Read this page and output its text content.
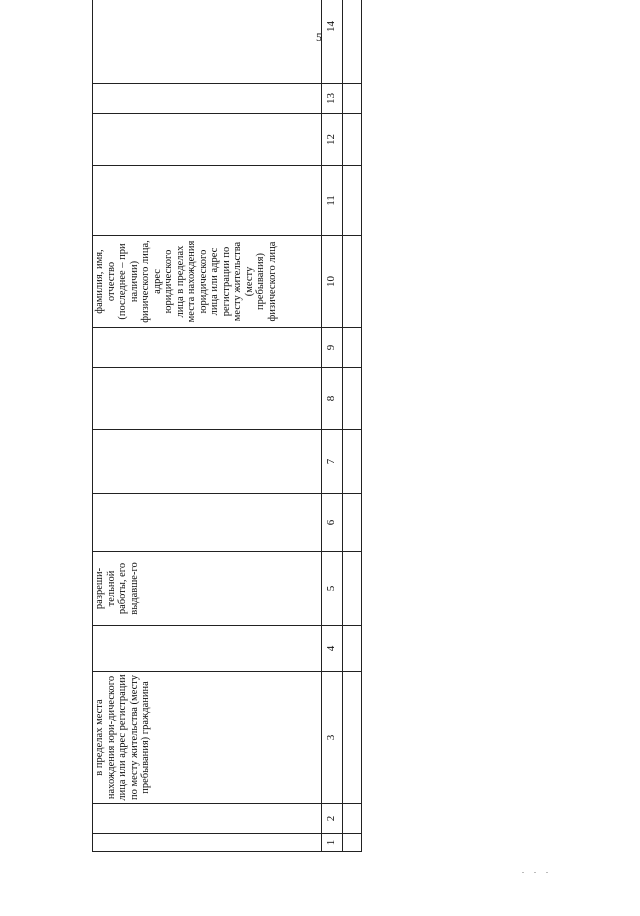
5

		в пределах места нахождения юри-дического лица или адрес регистрации по месту жительства (месту пребывания) гражданина		разреши-тельной работы, его выдавше-го					фамилия, имя, отчество (последнее – при наличии) физического лица, адрес юридического лица в пределах места нахождения юридического лица или адрес регистрации по месту жительства (месту пребывания) физического лица				

1	2	3	4	5	6	7	8	9	10	11	12	13	14
